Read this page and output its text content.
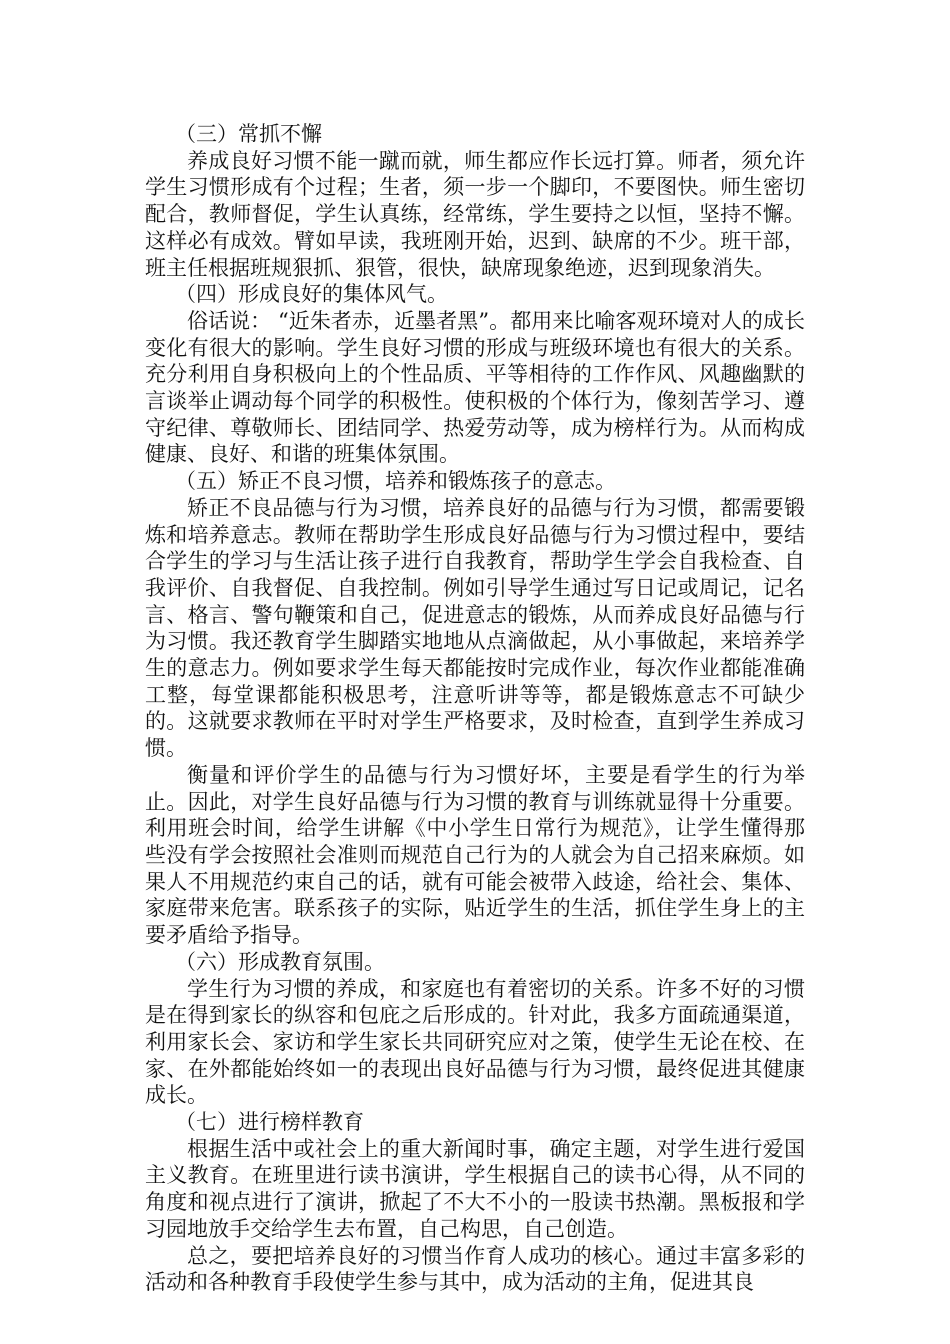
（三）常抓不懈

养成良好习惯不能一蹴而就，师生都应作长远打算。师者，须允许学生习惯形成有个过程；生者，须一步一个脚印，不要图快。师生密切配合，教师督促，学生认真练，经常练，学生要持之以恒，坚持不懈。这样必有成效。臂如早读，我班刚开始，迟到、缺席的不少。班干部，班主任根据班规狠抓、狠管，很快，缺席现象绝迹，迟到现象消失。

（四）形成良好的集体风气。

俗话说： “近朱者赤，近墨者黑”。都用来比喻客观环境对人的成长变化有很大的影响。学生良好习惯的形成与班级环境也有很大的关系。充分利用自身积极向上的个性品质、平等相待的工作作风、风趣幽默的言谈举止调动每个同学的积极性。使积极的个体行为，像刻苦学习、遵守纪律、尊敬师长、团结同学、热爱劳动等，成为榜样行为。从而构成健康、良好、和谐的班集体氛围。

（五）矫正不良习惯，培养和锻炼孩子的意志。

矫正不良品德与行为习惯，培养良好的品德与行为习惯，都需要锻炼和培养意志。教师在帮助学生形成良好品德与行为习惯过程中，要结合学生的学习与生活让孩子进行自我教育，帮助学生学会自我检查、自我评价、自我督促、自我控制。例如引导学生通过写日记或周记，记名言、格言、警句鞭策和自己，促进意志的锻炼，从而养成良好品德与行为习惯。我还教育学生脚踏实地地从点滴做起，从小事做起，来培养学生的意志力。例如要求学生每天都能按时完成作业，每次作业都能准确工整，每堂课都能积极思考，注意听讲等等，都是锻炼意志不可缺少的。这就要求教师在平时对学生严格要求，及时检查，直到学生养成习惯。

衡量和评价学生的品德与行为习惯好坏，主要是看学生的行为举止。因此，对学生良好品德与行为习惯的教育与训练就显得十分重要。利用班会时间，给学生讲解《中小学生日常行为规范》，让学生懂得那些没有学会按照社会准则而规范自己行为的人就会为自己招来麻烦。如果人不用规范约束自己的话，就有可能会被带入歧途，给社会、集体、家庭带来危害。联系孩子的实际，贴近学生的生活，抓住学生身上的主要矛盾给予指导。

（六）形成教育氛围。

学生行为习惯的养成，和家庭也有着密切的关系。许多不好的习惯是在得到家长的纵容和包庇之后形成的。针对此，我多方面疏通渠道，利用家长会、家访和学生家长共同研究应对之策，使学生无论在校、在家、在外都能始终如一的表现出良好品德与行为习惯，最终促进其健康成长。

（七）进行榜样教育

根据生活中或社会上的重大新闻时事，确定主题，对学生进行爱国主义教育。在班里进行读书演讲，学生根据自己的读书心得，从不同的角度和视点进行了演讲，掀起了不大不小的一股读书热潮。黑板报和学习园地放手交给学生去布置，自己构思，自己创造。

总之，要把培养良好的习惯当作育人成功的核心。通过丰富多彩的活动和各种教育手段使学生参与其中，成为活动的主角，促进其良
